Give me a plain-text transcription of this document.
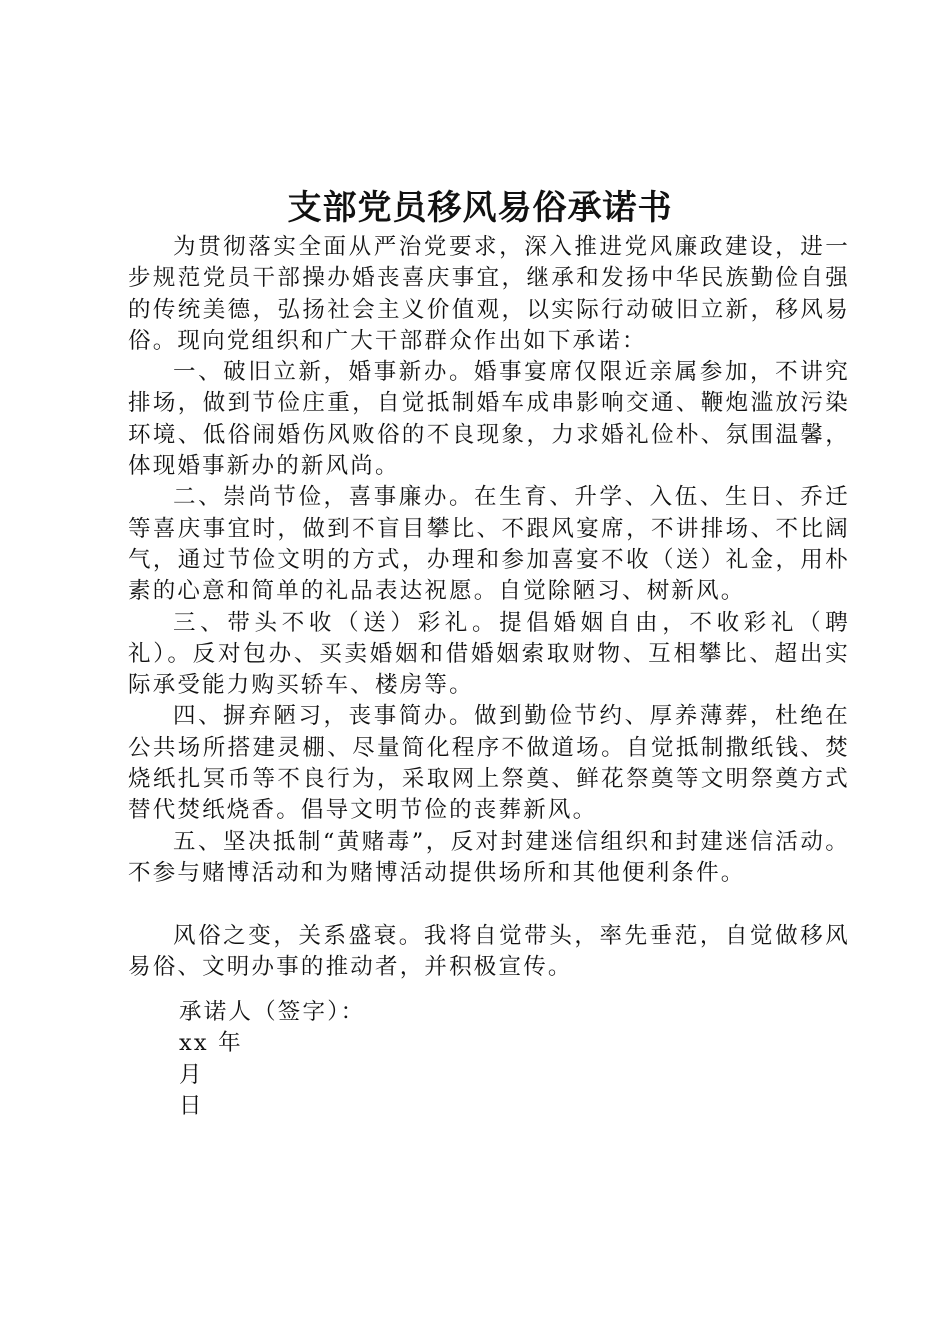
支部党员移风易俗承诺书

为贯彻落实全面从严治党要求，深入推进党风廉政建设，进一步规范党员干部操办婚丧喜庆事宜，继承和发扬中华民族勤俭自强的传统美德，弘扬社会主义价值观，以实际行动破旧立新，移风易俗。现向党组织和广大干部群众作出如下承诺：

一、破旧立新，婚事新办。婚事宴席仅限近亲属参加，不讲究排场，做到节俭庄重，自觉抵制婚车成串影响交通、鞭炮滥放污染环境、低俗闹婚伤风败俗的不良现象，力求婚礼俭朴、氛围温馨，体现婚事新办的新风尚。

二、崇尚节俭，喜事廉办。在生育、升学、入伍、生日、乔迁等喜庆事宜时，做到不盲目攀比、不跟风宴席，不讲排场、不比阔气，通过节俭文明的方式，办理和参加喜宴不收（送）礼金，用朴素的心意和简单的礼品表达祝愿。自觉除陋习、树新风。

三、带头不收（送）彩礼。提倡婚姻自由，不收彩礼（聘礼）。反对包办、买卖婚姻和借婚姻索取财物、互相攀比、超出实际承受能力购买轿车、楼房等。

四、摒弃陋习，丧事简办。做到勤俭节约、厚养薄葬，杜绝在公共场所搭建灵棚、尽量简化程序不做道场。自觉抵制撒纸钱、焚烧纸扎冥币等不良行为，采取网上祭奠、鲜花祭奠等文明祭奠方式替代焚纸烧香。倡导文明节俭的丧葬新风。

五、坚决抵制“黄赌毒”，反对封建迷信组织和封建迷信活动。不参与赌博活动和为赌博活动提供场所和其他便利条件。

风俗之变，关系盛衰。我将自觉带头，率先垂范，自觉做移风易俗、文明办事的推动者，并积极宣传。

承诺人（签字）：
xx 年
月
日
